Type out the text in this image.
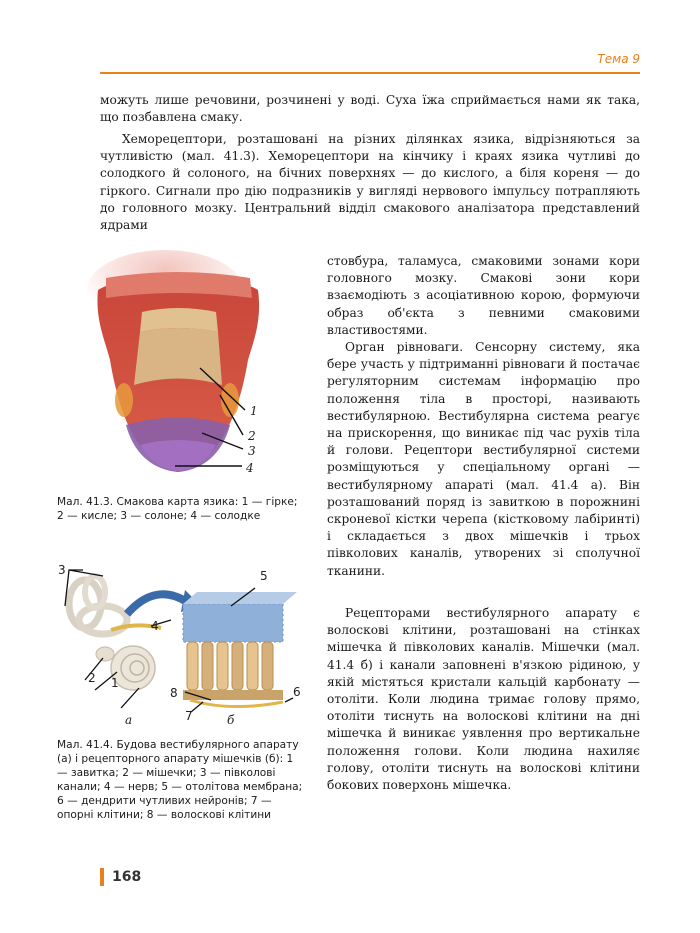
Тема 9

можуть лише речовини, розчинені у воді. Суха їжа сприймається нами як така, що позбавлена смаку.

Хеморецептори, розташовані на різних ділянках язика, відрізняються за чутливістю (мал. 41.3). Хеморецептори на кінчику і краях язика чутливі до солодкого й солоного, на бічних поверхнях — до кислого, а біля кореня — до гіркого. Сигнали про дію подразників у вигляді нервового імпульсу потрапляють до головного мозку. Центральний відділ смакового аналізатора представлений ядрами

стовбура, таламуса, смаковими зонами кори головного мозку. Смакові зони кори взаємодіють з асоціативною корою, формуючи образ об'єкта з певними смаковими властивостями.

Орган рівноваги. Сенсорну систему, яка бере участь у підтриманні рівноваги й постачає регуляторним системам інформацію про положення тіла в просторі, називають вестибулярною. Вестибулярна система реагує на прискорення, що виникає під час рухів тіла й голови. Рецептори вестибулярної системи розміщуються у спеціальному органі — вестибулярному апараті (мал. 41.4 а). Він розташований поряд із завиткою в порожнині скроневої кістки черепа (кістковому лабіринті) і складається з двох мішечків і трьох півколових каналів, утворених зі сполучної тканини.

Рецепторами вестибулярного апарату є волоскові клітини, розташовані на стінках мішечка й півколових каналів. Мішечки (мал. 41.4 б) і канали заповнені в'язкою рідиною, у якій містяться кристали кальцій карбонату — отоліти. Коли людина тримає голову прямо, отоліти тиснуть на волоскові клітини на дні мішечка й виникає уявлення про вертикальне положення голови. Коли людина нахиляє голову, отоліти тиснуть на волоскові клітини бокових поверхонь мішечка.

1
2
3
4
Мал. 41.3. Смакова карта язика: 1 — гірке; 2 — кисле; 3 — солоне; 4 — солодке
3	5
4
2 1
8	6
7
а	б
Мал. 41.4. Будова вестибулярного апарату (а) і рецепторного апарату мішечків (б): 1 — завитка; 2 — мішечки; 3 — півколові канали; 4 — нерв; 5 — отолітова мембрана; 6 — дендрити чутливих нейронів; 7 — опорні клітини; 8 — волоскові клітини
168
